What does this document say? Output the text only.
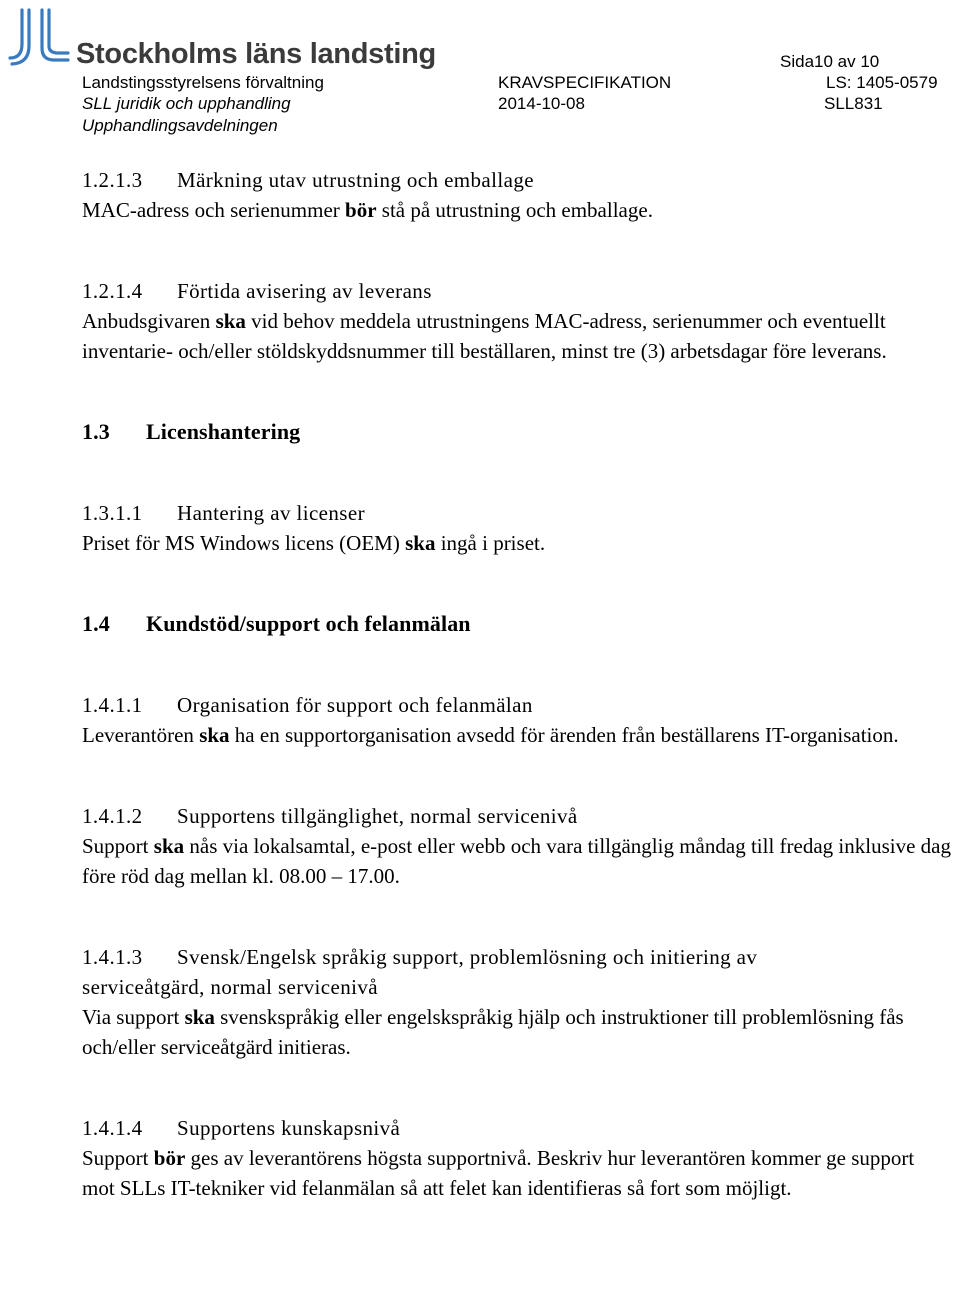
Stockholms läns landsting	Sida10 av 10
Landstingsstyrelsens förvaltning
SLL juridik och upphandling
Upphandlingsavdelningen
KRAVSPECIFIKATION
2014-10-08
LS: 1405-0579
SLL831
1.2.1.3 Märkning utav utrustning och emballage
MAC-adress och serienummer bör stå på utrustning och emballage.
1.2.1.4 Förtida avisering av leverans
Anbudsgivaren ska vid behov meddela utrustningens MAC-adress, serienummer och eventuellt inventarie- och/eller stöldskyddsnummer till beställaren, minst tre (3) arbetsdagar före leverans.
1.3 Licenshantering
1.3.1.1 Hantering av licenser
Priset för MS Windows licens (OEM) ska ingå i priset.
1.4 Kundstöd/support och felanmälan
1.4.1.1 Organisation för support och felanmälan
Leverantören ska ha en supportorganisation avsedd för ärenden från beställarens IT-organisation.
1.4.1.2 Supportens tillgänglighet, normal servicenivå
Support ska nås via lokalsamtal, e-post eller webb och vara tillgänglig måndag till fredag inklusive dag före röd dag mellan kl. 08.00 – 17.00.
1.4.1.3 Svensk/Engelsk språkig support, problemlösning och initiering av
serviceåtgärd, normal servicenivå
Via support ska svenskspråkig eller engelskspråkig hjälp och instruktioner till problemlösning fås och/eller serviceåtgärd initieras.
1.4.1.4 Supportens kunskapsnivå
Support bör ges av leverantörens högsta supportnivå. Beskriv hur leverantören kommer ge support mot SLLs IT-tekniker vid felanmälan så att felet kan identifieras så fort som möjligt.
